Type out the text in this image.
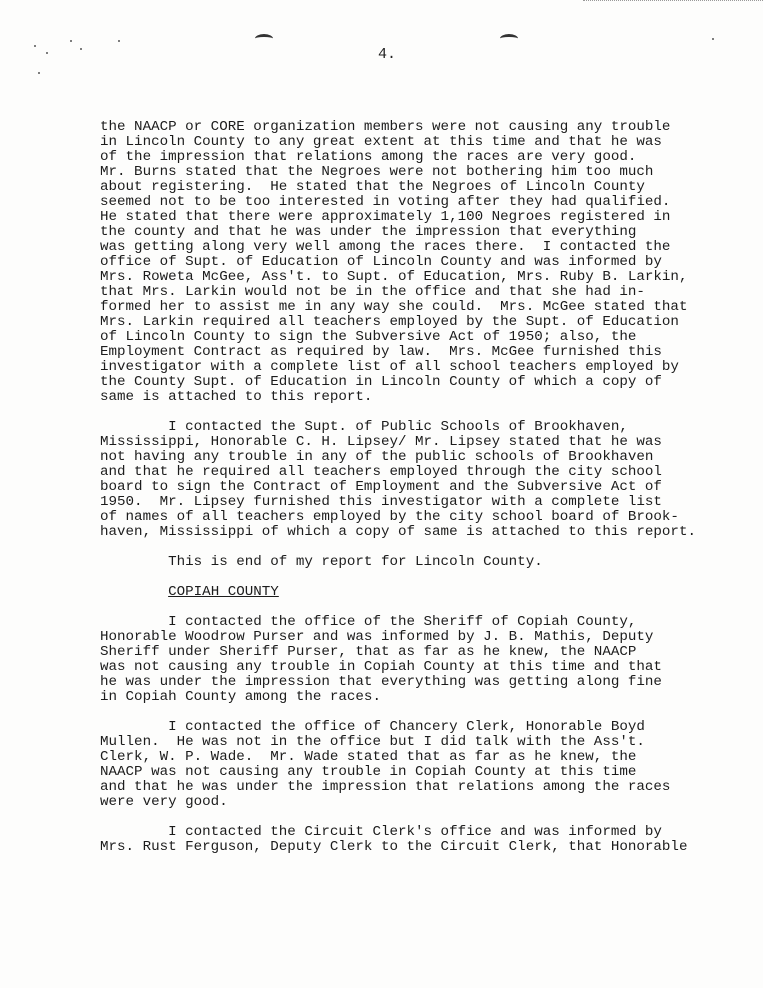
4.

the NAACP or CORE organization members were not causing any trouble
in Lincoln County to any great extent at this time and that he was
of the impression that relations among the races are very good.
Mr. Burns stated that the Negroes were not bothering him too much
about registering.  He stated that the Negroes of Lincoln County
seemed not to be too interested in voting after they had qualified.
He stated that there were approximately 1,100 Negroes registered in
the county and that he was under the impression that everything
was getting along very well among the races there.  I contacted the
office of Supt. of Education of Lincoln County and was informed by
Mrs. Roweta McGee, Ass't. to Supt. of Education, Mrs. Ruby B. Larkin,
that Mrs. Larkin would not be in the office and that she had in-
formed her to assist me in any way she could.  Mrs. McGee stated that
Mrs. Larkin required all teachers employed by the Supt. of Education
of Lincoln County to sign the Subversive Act of 1950; also, the
Employment Contract as required by law.  Mrs. McGee furnished this
investigator with a complete list of all school teachers employed by
the County Supt. of Education in Lincoln County of which a copy of
same is attached to this report.

I contacted the Supt. of Public Schools of Brookhaven,
Mississippi, Honorable C. H. Lipsey/ Mr. Lipsey stated that he was
not having any trouble in any of the public schools of Brookhaven
and that he required all teachers employed through the city school
board to sign the Contract of Employment and the Subversive Act of
1950.  Mr. Lipsey furnished this investigator with a complete list
of names of all teachers employed by the city school board of Brook-
haven, Mississippi of which a copy of same is attached to this report.

This is end of my report for Lincoln County.

COPIAH COUNTY

I contacted the office of the Sheriff of Copiah County,
Honorable Woodrow Purser and was informed by J. B. Mathis, Deputy
Sheriff under Sheriff Purser, that as far as he knew, the NAACP
was not causing any trouble in Copiah County at this time and that
he was under the impression that everything was getting along fine
in Copiah County among the races.

I contacted the office of Chancery Clerk, Honorable Boyd
Mullen.  He was not in the office but I did talk with the Ass't.
Clerk, W. P. Wade.  Mr. Wade stated that as far as he knew, the
NAACP was not causing any trouble in Copiah County at this time
and that he was under the impression that relations among the races
were very good.

I contacted the Circuit Clerk's office and was informed by
Mrs. Rust Ferguson, Deputy Clerk to the Circuit Clerk, that Honorable
